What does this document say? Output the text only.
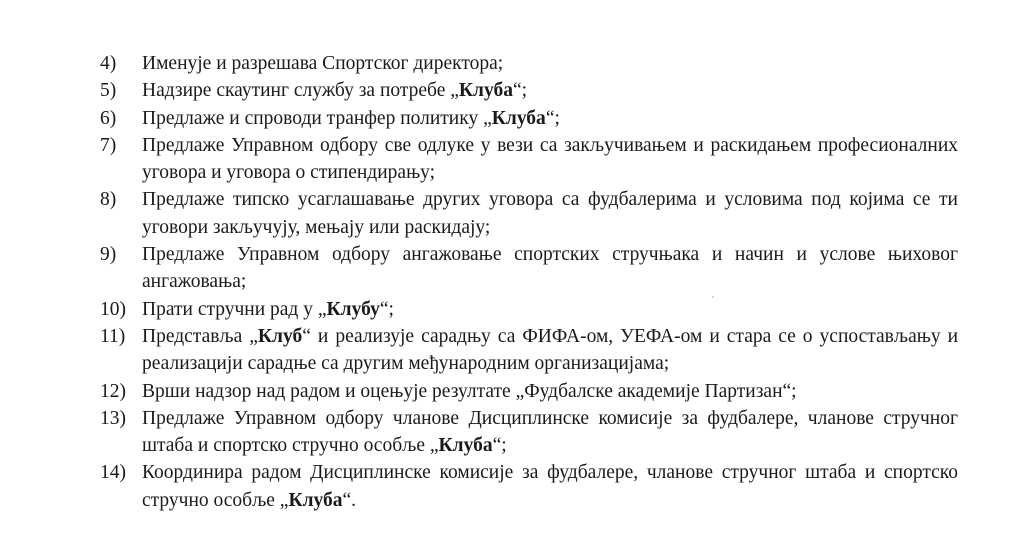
4)	Именује и разрешава Спортског директора;
5)	Надзире скаутинг службу за потребе „Клуба“;
6)	Предлаже и спроводи транфер политику „Клуба“;
7)	Предлаже Управном одбору све одлуке у вези са закључивањем и раскидањем професионалних уговора и уговора о стипендирању;
8)	Предлаже типско усаглашавање других уговора са фудбалерима и условима под којима се ти уговори закључују, мењају или раскидају;
9)	Предлаже Управном одбору ангажовање спортских стручњака и начин и услове њиховог ангажовања;
10) Прати стручни рад у „Клубу“;
11) Представља „Клуб“ и реализује сарадњу са ФИФА-ом, УЕФА-ом и стара се о успостављању и реализацији сарадње са другим међународним организацијама;
12) Врши надзор над радом и оцењује резултате „Фудбалске академије Партизан“;
13) Предлаже Управном одбору чланове Дисциплинске комисије за фудбалере, чланове стручног штаба и спортско стручно особље „Клуба“;
14) Координира радом Дисциплинске комисије за фудбалере, чланове стручног штаба и спортско стручно особље „Клуба“.
